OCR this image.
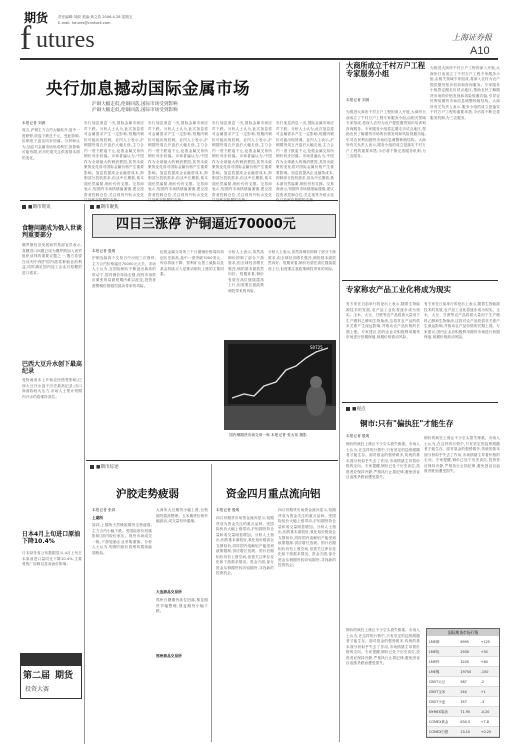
期货
f utures
责任编辑:刘源 美编:黄文浩 2006.4.28 星期五
E-mail: futures@cnstock.com
上海证券报
A10
央行加息撼动国际金属市场
沪铜大幅走低,伦铜回落,国际市场受到影响
沪铜大幅走低,伦铜回落,国际市场受到影响
本报记者 刘源
周五,沪铜主力合约大幅低开,盘中一度跌停,收盘下跌近千元。受此影响,伦铜电子盘也同步回落。分析师认为,加息对金属市场形成利空,但影响可能有限,后市仍需关注供需基本面的变化。
央行加息消息一出,国际金属市场应声下跌。分析人士认为,此次加息将对金属需求产生一定影响,短期内铜价可能出现回调。业内人士表示,沪铜期货周五开盘后大幅走低,主力合约一度下跌逾千元,伦敦金属交易所铜价同步回落。市场普遍认为,中国作为全球最大的铜消费国,其货币政策的变化将对国际金属价格产生重要影响。加息将提高企业融资成本,抑制部分投机需求,但从中长期看,基本面仍然偏紧,铜价仍有支撑。交易商表示,短期内市场情绪偏谨慎,建议投资者控制仓位,关注现货升贴水变化
央行加息消息一出,国际金属市场应声下跌。分析人士认为,此次加息将对金属需求产生一定影响,短期内铜价可能出现回调。业内人士表示,沪铜期货周五开盘后大幅走低,主力合约一度下跌逾千元,伦敦金属交易所铜价同步回落。市场普遍认为,中国作为全球最大的铜消费国,其货币政策的变化将对国际金属价格产生重要影响。加息将提高企业融资成本,抑制部分投机需求,但从中长期看,基本面仍然偏紧,铜价仍有支撑。交易商表示,短期内市场情绪偏谨慎,建议投资者控制仓位,关注现货升贴水变化
央行加息消息一出,国际金属市场应声下跌。分析人士认为,此次加息将对金属需求产生一定影响,短期内铜价可能出现回调。业内人士表示,沪铜期货周五开盘后大幅走低,主力合约一度下跌逾千元,伦敦金属交易所铜价同步回落。市场普遍认为,中国作为全球最大的铜消费国,其货币政策的变化将对国际金属价格产生重要影响。加息将提高企业融资成本,抑制部分投机需求,但从中长期看,基本面仍然偏紧,铜价仍有支撑。交易商表示,短期内市场情绪偏谨慎,建议投资者控制仓位,关注现货升贴水变化
央行加息消息一出,国际金属市场应声下跌。分析人士认为,此次加息将对金属需求产生一定影响,短期内铜价可能出现回调。业内人士表示,沪铜期货周五开盘后大幅走低,主力合约一度下跌逾千元,伦敦金属交易所铜价同步回落。市场普遍认为,中国作为全球最大的铜消费国,其货币政策的变化将对国际金属价格产生重要影响。加息将提高企业融资成本,抑制部分投机需求,但从中长期看,基本面仍然偏紧,铜价仍有支撑。交易商表示,短期内市场情绪偏谨慎,建议投资者控制仓位,关注现货升贴水变
大商所成立千村万户工程专家服务小组
本报记者 刘源
为推进大商所千村万户工程的深入开展,大商所日前成立了千村万户工程专家服务小组,由相关领域专家组成,将深入农村为农户提供期货知识培训和咨询服务。专家服务小组将定期走访试点地区,帮助农民了解期货市场的价格发现和风险规避功能,引导农民利用期货市场信息调整种植结构。大商所有关负责人表示,服务小组的成立是落实千村万户工程的重要举措,今后将不断完善服务机制,为三农服务。
为推进大商所千村万户工程的深入开展,大商所日前成立了千村万户工程专家服务小组,由相关领域专家组成,将深入农村为农户提供期货知识培训和咨询服务。专家服务小组将定期走访试点地区,帮助农民了解期货市场的价格发现和风险规避功能,引导农民利用期货市场信息调整种植结构。大商所有关负责人表示,服务小组的成立是落实千村万户工程的重要举措,今后将不断完善服务机制,为三农服务。
■期市资讯
食糖问题成为俄入世谈判重要部分
俄罗斯经济发展和贸易部官员表示,食糖进口问题已成为俄罗斯加入世贸组织谈判的重要议题之一,俄方希望在谈判中保护国内甜菜种植业的利益,同时满足国内加工企业对原糖的进口需求。
巴西大豆升水创下最高纪录
受物流成本上升和农民惜售影响,巴西大豆升水创下历史最高纪录,出口商面临较大压力,市场人士预计短期内升水仍将维持高位。
日本4月上旬进口原油下降10.4%
日本财务省公布数据显示,4月上旬日本原油进口量同比下降10.4%,主要受炼厂检修以及高油价影响。
第二届 期货
投资大赛
■期市聚焦
四日三涨停 沪铜逼近70000元
本报记者 殷明
沪铜连续四个交易日中出现三次涨停,主力合约价格逼近70000元大关。市场人士认为,在国际铜价不断创出新高的带动下,国内铜价持续走强,现货市场供应紧张的局面短期内难以改变,投资者需警惕价格剧烈波动带来的风险。
伦敦金属交易所三个月期铜价格周四再创历史新高,盘中一度突破7000美元。库存持续下降、智利矿山罢工威胁以及基金持续买入是推动铜价上涨的主要因素。
分析人士表示,虽然高铜价抑制了部分下游需求,但全球经济增长强劲,铜的基本面依然向好。短期来看,铜价有望在高位继续震荡上行,但需要注意政策调控带来的风险。
S0725
国内铜期货市场交易一角 本报记者 张大伟 摄影
分析人士表示,虽然高铜价抑制了部分下游需求,但全球经济增长强劲,铜的基本面依然向好。短期来看,铜价有望在高位继续震荡上行,但需要注意政策调控带来的风险。
■期市综述
沪胶走势疲弱
本报记者 张叔
上期所
周四,上期所天然橡胶期货走势疲弱,主力合约小幅下跌。受国际胶价回落影响,国内胶价承压。现货市场成交一般,下游轮胎企业采购谨慎。分析人士认为,短期内胶价将维持震荡偏弱格局。
大连商品交易所
大商所大豆期货小幅上涨,豆粕期货震荡整理。玉米期货价格窄幅波动,成交量有所萎缩。
郑州商品交易所
郑州白糖期货高位回落,棉花期货窄幅整理,强麦期货小幅下跌。
资金四月重点流向铝
本报记者 殷明
四月份期货市场资金流向显示,铝期货成为资金关注的重点品种。受国际铝价大幅上涨带动,沪铝期货持仓量和成交量明显增加。分析人士指出,铝的基本面较好,氧化铝价格高企支撑铝价,同时国内电解铝产能受到政策限制,供应增长放缓。预计后期铝价仍有上涨空间,但需关注库存变化和下游需求情况。资金方面,部分资金从铜期货转向铝期货,寻找新的投资机会。
四月份期货市场资金流向显示,铝期货成为资金关注的重点品种。受国际铝价大幅上涨带动,沪铝期货持仓量和成交量明显增加。分析人士指出,铝的基本面较好,氧化铝价格高企支撑铝价,同时国内电解铝产能受到政策限制,供应增长放缓。预计后期铝价仍有上涨空间,但需关注库存变化和下游需求情况。资金方面,部分资金从铜期货转向铝期货,寻找新的投资机会。
专家称农产品工业化将成为现实
有专家在日前举行的论坛上表示,随着生物能源技术的发展,农产品工业化将逐步成为现实。玉米、大豆、甘蔗等农产品将被大量用于生产燃料乙醇和生物柴油,这将对农产品的供求关系产生深远影响,并推动农产品价格的长期上涨。专家建议,国内企业应积极利用期货市场进行套期保值,规避价格波动风险。
有专家在日前举行的论坛上表示,随着生物能源技术的发展,农产品工业化将逐步成为现实。玉米、大豆、甘蔗等农产品将被大量用于生产燃料乙醇和生物柴油,这将对农产品的供求关系产生深远影响,并推动农产品价格的长期上涨。专家建议,国内企业应积极利用期货市场进行套期保值,规避价格波动风险。
■观点
铜市:只有"偏执狂"才能生存
本报记者 殷明
铜价的疯狂上涨让不少空头损失惨重。市场人士认为,在这样的行情中,只有坚定的趋势跟随者才能生存。面对基金的强势做多,传统的基本面分析似乎失去了作用,市场情绪主导着价格的走向。专家提醒,铜价已处于历史高位,投资者应保持冷静,严格执行止损纪律,避免因盲目追涨杀跌而遭受损失。
铜价的疯狂上涨让不少空头损失惨重。市场人士认为,在这样的行情中,只有坚定的趋势跟随者才能生存。面对基金的强势做多,传统的基本面分析似乎失去了作用,市场情绪主导着价格的走向。专家提醒,铜价已处于历史高位,投资者应保持冷静,严格执行止损纪律,避免因盲目追涨杀跌而遭受损失。
国际期货市场行情
LME铜	6995	+125
LME铝	2930	+35
LME锌	3200	+60
LME镍	19750	-150
CBOT大豆	587	-2
CBOT玉米	244	+1
CBOT小麦	357	-3
NYMEX原油	71.95	-0.20
COMEX黄金	634.5	+7.8
COMEX白银	13.10	+0.25
铜价的疯狂上涨让不少空头损失惨重。市场人士认为,在这样的行情中,只有坚定的趋势跟随者才能生存。面对基金的强势做多,传统的基本面分析似乎失去了作用,市场情绪主导着价格的走向。专家提醒,铜价已处于历史高位,投资者应保持冷静,严格执行止损纪律,避免因盲目追涨杀跌而遭受损失。
